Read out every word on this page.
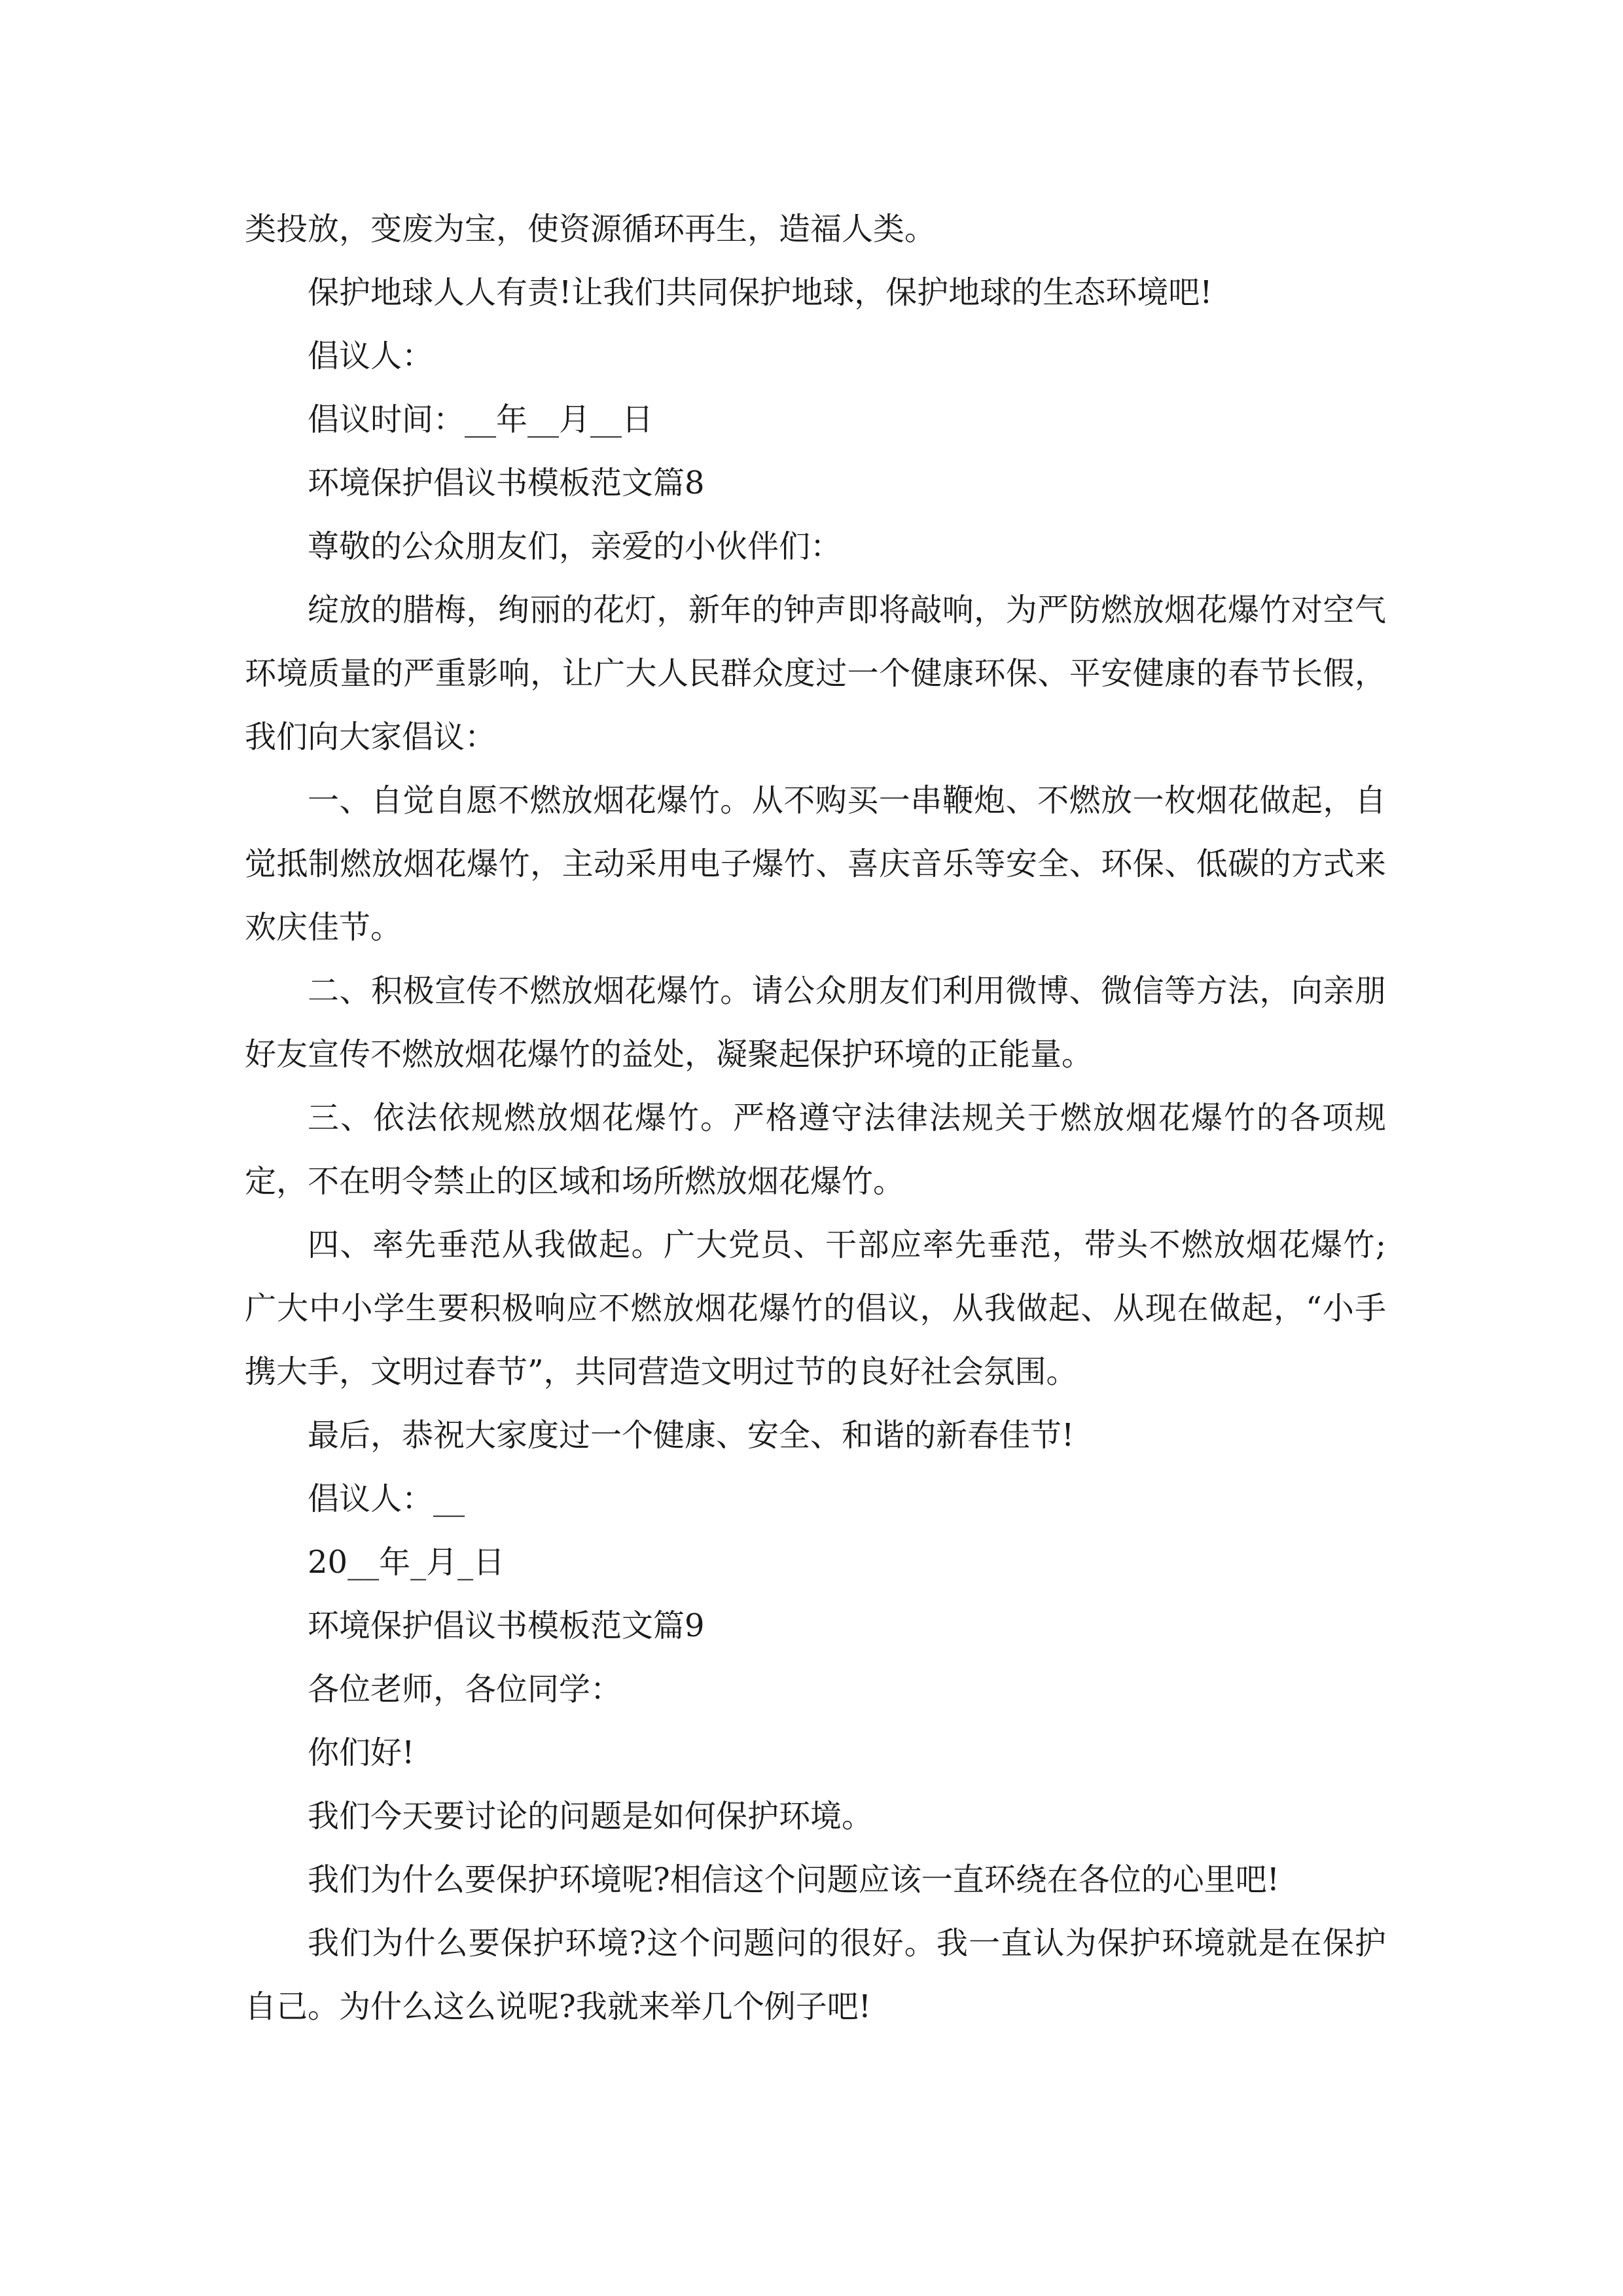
类投放，变废为宝，使资源循环再生，造福人类。

保护地球人人有责!让我们共同保护地球，保护地球的生态环境吧!

倡议人：

倡议时间：__年__月__日

环境保护倡议书模板范文篇8

尊敬的公众朋友们，亲爱的小伙伴们：

绽放的腊梅，绚丽的花灯，新年的钟声即将敲响，为严防燃放烟花爆竹对空气环境质量的严重影响，让广大人民群众度过一个健康环保、平安健康的春节长假，我们向大家倡议：

一、自觉自愿不燃放烟花爆竹。从不购买一串鞭炮、不燃放一枚烟花做起，自觉抵制燃放烟花爆竹，主动采用电子爆竹、喜庆音乐等安全、环保、低碳的方式来欢庆佳节。

二、积极宣传不燃放烟花爆竹。请公众朋友们利用微博、微信等方法，向亲朋好友宣传不燃放烟花爆竹的益处，凝聚起保护环境的正能量。

三、依法依规燃放烟花爆竹。严格遵守法律法规关于燃放烟花爆竹的各项规定，不在明令禁止的区域和场所燃放烟花爆竹。

四、率先垂范从我做起。广大党员、干部应率先垂范，带头不燃放烟花爆竹;广大中小学生要积极响应不燃放烟花爆竹的倡议，从我做起、从现在做起，“小手携大手，文明过春节”，共同营造文明过节的良好社会氛围。

最后，恭祝大家度过一个健康、安全、和谐的新春佳节!

倡议人：__

20__年_月_日

环境保护倡议书模板范文篇9

各位老师，各位同学：

你们好!

我们今天要讨论的问题是如何保护环境。

我们为什么要保护环境呢?相信这个问题应该一直环绕在各位的心里吧!

我们为什么要保护环境?这个问题问的很好。我一直认为保护环境就是在保护自己。为什么这么说呢?我就来举几个例子吧!
